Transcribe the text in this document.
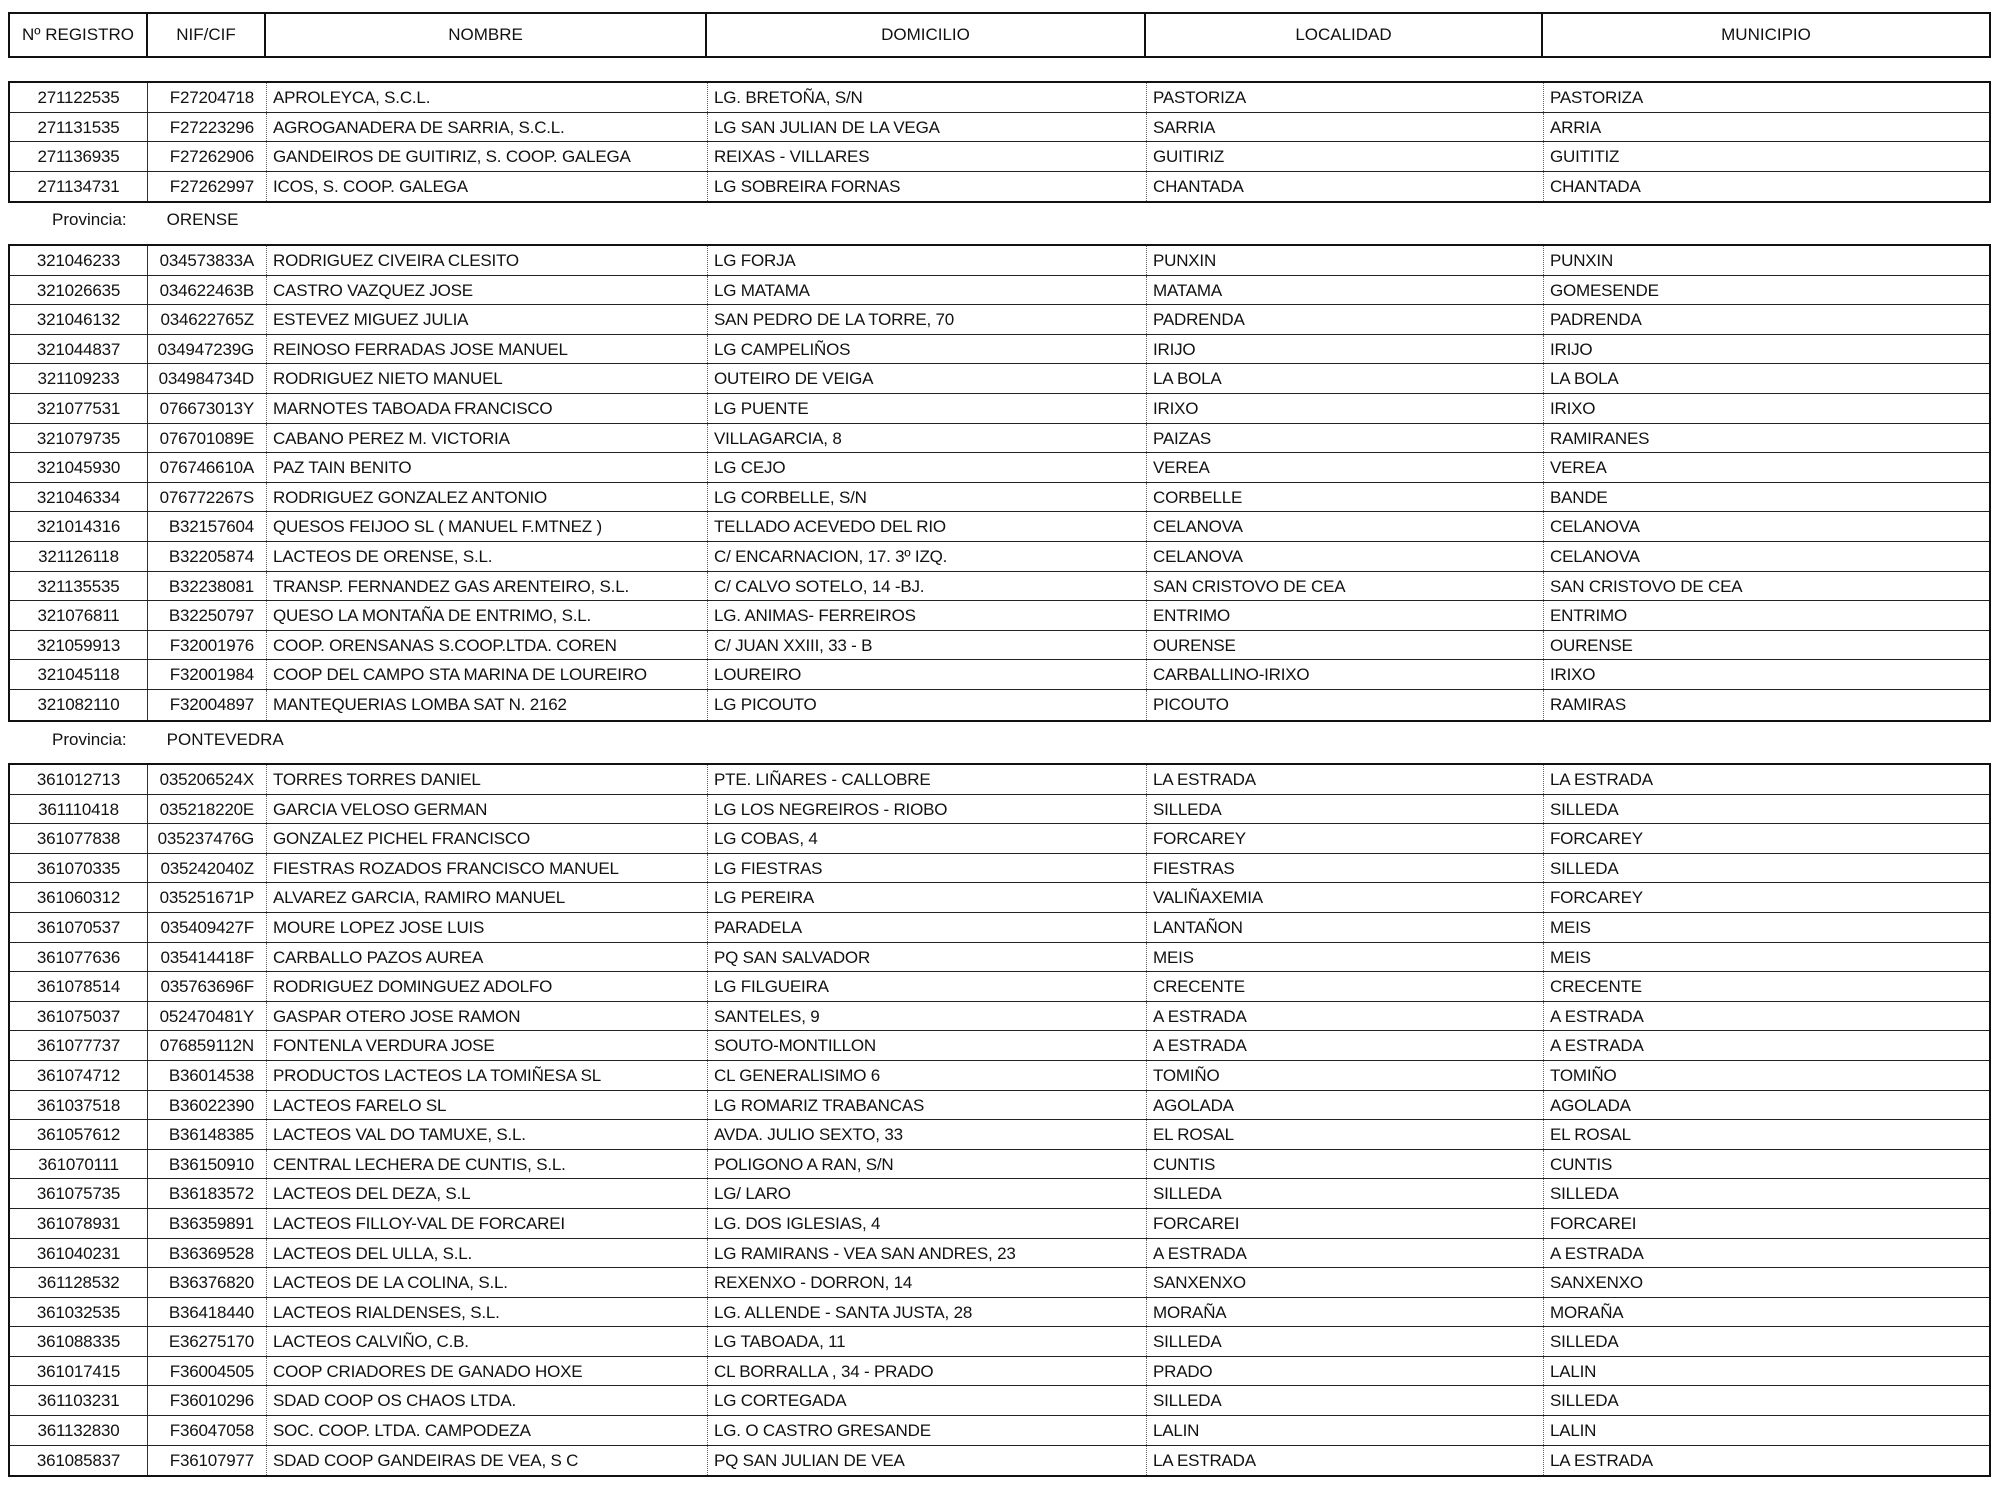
Nº REGISTRO	NIF/CIF	NOMBRE	DOMICILIO	LOCALIDAD	MUNICIPIO
271122535	F27204718	APROLEYCA, S.C.L.	LG. BRETOÑA, S/N	PASTORIZA	PASTORIZA
271131535	F27223296	AGROGANADERA DE SARRIA, S.C.L.	LG SAN JULIAN DE LA VEGA	SARRIA	ARRIA
271136935	F27262906	GANDEIROS DE GUITIRIZ, S. COOP. GALEGA	REIXAS - VILLARES	GUITIRIZ	GUITITIZ
271134731	F27262997	ICOS, S. COOP. GALEGA	LG SOBREIRA FORNAS	CHANTADA	CHANTADA
Provincia: ORENSE
321046233	034573833A	RODRIGUEZ CIVEIRA CLESITO	LG FORJA	PUNXIN	PUNXIN
321026635	034622463B	CASTRO VAZQUEZ JOSE	LG MATAMA	MATAMA	GOMESENDE
321046132	034622765Z	ESTEVEZ MIGUEZ JULIA	SAN PEDRO DE LA TORRE, 70	PADRENDA	PADRENDA
321044837	034947239G	REINOSO FERRADAS JOSE MANUEL	LG CAMPELIÑOS	IRIJO	IRIJO
321109233	034984734D	RODRIGUEZ NIETO MANUEL	OUTEIRO DE VEIGA	LA BOLA	LA BOLA
321077531	076673013Y	MARNOTES TABOADA FRANCISCO	LG PUENTE	IRIXO	IRIXO
321079735	076701089E	CABANO PEREZ M. VICTORIA	VILLAGARCIA, 8	PAIZAS	RAMIRANES
321045930	076746610A	PAZ TAIN BENITO	LG CEJO	VEREA	VEREA
321046334	076772267S	RODRIGUEZ GONZALEZ ANTONIO	LG CORBELLE, S/N	CORBELLE	BANDE
321014316	B32157604	QUESOS FEIJOO SL ( MANUEL F.MTNEZ )	TELLADO ACEVEDO DEL RIO	CELANOVA	CELANOVA
321126118	B32205874	LACTEOS DE ORENSE, S.L.	C/ ENCARNACION, 17. 3º IZQ.	CELANOVA	CELANOVA
321135535	B32238081	TRANSP. FERNANDEZ GAS ARENTEIRO, S.L.	C/ CALVO SOTELO, 14 -BJ.	SAN CRISTOVO DE CEA	SAN CRISTOVO DE CEA
321076811	B32250797	QUESO LA MONTAÑA DE ENTRIMO, S.L.	LG. ANIMAS- FERREIROS	ENTRIMO	ENTRIMO
321059913	F32001976	COOP. ORENSANAS S.COOP.LTDA. COREN	C/ JUAN XXIII, 33 - B	OURENSE	OURENSE
321045118	F32001984	COOP DEL CAMPO STA MARINA DE LOUREIRO	LOUREIRO	CARBALLINO-IRIXO	IRIXO
321082110	F32004897	MANTEQUERIAS LOMBA SAT N. 2162	LG PICOUTO	PICOUTO	RAMIRAS
Provincia: PONTEVEDRA
361012713	035206524X	TORRES TORRES DANIEL	PTE. LIÑARES - CALLOBRE	LA ESTRADA	LA ESTRADA
361110418	035218220E	GARCIA VELOSO GERMAN	LG LOS NEGREIROS - RIOBO	SILLEDA	SILLEDA
361077838	035237476G	GONZALEZ PICHEL FRANCISCO	LG COBAS, 4	FORCAREY	FORCAREY
361070335	035242040Z	FIESTRAS ROZADOS FRANCISCO MANUEL	LG FIESTRAS	FIESTRAS	SILLEDA
361060312	035251671P	ALVAREZ GARCIA, RAMIRO MANUEL	LG PEREIRA	VALIÑAXEMIA	FORCAREY
361070537	035409427F	MOURE LOPEZ JOSE LUIS	PARADELA	LANTAÑON	MEIS
361077636	035414418F	CARBALLO PAZOS AUREA	PQ SAN SALVADOR	MEIS	MEIS
361078514	035763696F	RODRIGUEZ DOMINGUEZ ADOLFO	LG FILGUEIRA	CRECENTE	CRECENTE
361075037	052470481Y	GASPAR OTERO JOSE RAMON	SANTELES, 9	A ESTRADA	A ESTRADA
361077737	076859112N	FONTENLA VERDURA JOSE	SOUTO-MONTILLON	A ESTRADA	A ESTRADA
361074712	B36014538	PRODUCTOS LACTEOS LA TOMIÑESA SL	CL GENERALISIMO 6	TOMIÑO	TOMIÑO
361037518	B36022390	LACTEOS FARELO SL	LG ROMARIZ TRABANCAS	AGOLADA	AGOLADA
361057612	B36148385	LACTEOS VAL DO TAMUXE, S.L.	AVDA. JULIO SEXTO, 33	EL ROSAL	EL ROSAL
361070111	B36150910	CENTRAL LECHERA DE CUNTIS, S.L.	POLIGONO A RAN, S/N	CUNTIS	CUNTIS
361075735	B36183572	LACTEOS DEL DEZA, S.L	LG/ LARO	SILLEDA	SILLEDA
361078931	B36359891	LACTEOS FILLOY-VAL DE FORCAREI	LG. DOS IGLESIAS, 4	FORCAREI	FORCAREI
361040231	B36369528	LACTEOS DEL ULLA, S.L.	LG RAMIRANS - VEA SAN ANDRES, 23	A ESTRADA	A ESTRADA
361128532	B36376820	LACTEOS DE LA COLINA, S.L.	REXENXO - DORRON, 14	SANXENXO	SANXENXO
361032535	B36418440	LACTEOS RIALDENSES, S.L.	LG. ALLENDE - SANTA JUSTA, 28	MORAÑA	MORAÑA
361088335	E36275170	LACTEOS CALVIÑO, C.B.	LG TABOADA, 11	SILLEDA	SILLEDA
361017415	F36004505	COOP CRIADORES DE GANADO HOXE	CL BORRALLA , 34 - PRADO	PRADO	LALIN
361103231	F36010296	SDAD COOP OS CHAOS LTDA.	LG CORTEGADA	SILLEDA	SILLEDA
361132830	F36047058	SOC. COOP. LTDA. CAMPODEZA	LG. O CASTRO GRESANDE	LALIN	LALIN
361085837	F36107977	SDAD COOP GANDEIRAS DE VEA, S C	PQ SAN JULIAN DE VEA	LA ESTRADA	LA ESTRADA
